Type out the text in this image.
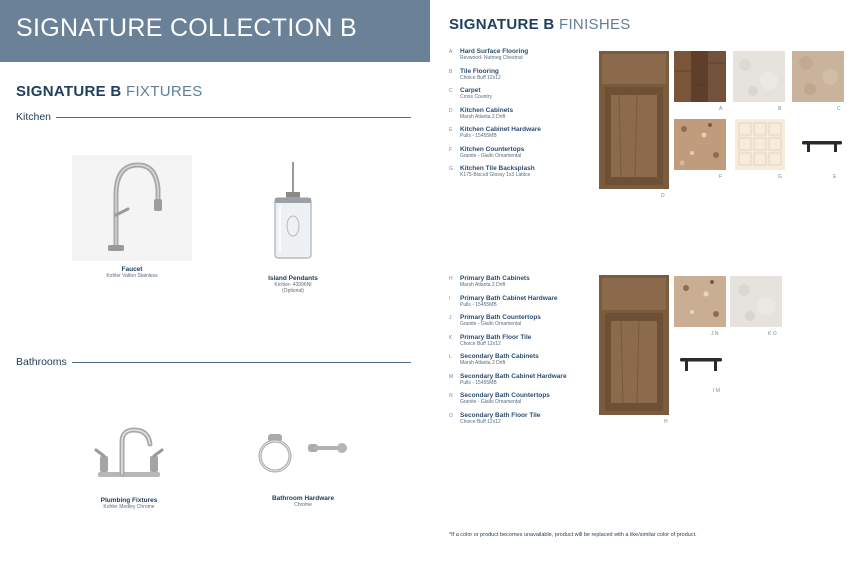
SIGNATURE COLLECTION B
SIGNATURE B FIXTURES
Kitchen
Faucet
Kohler Valton Stainless	Island Pendants
Kichler- 43996NI
(Optional)
Bathrooms
Plumbing Fixtures
Kohler Medley Chrome
Bathroom Hardware
Chrome
SIGNATURE B FINISHES
A Hard Surface Flooring
Revwood- Nutmeg Chestnut
B Tile Flooring
Choice Buff 12x12
C Carpet
Cross Country
D Kitchen Cabinets
Marsh Atlanta 2 Drift
E Kitchen Cabinet Hardware
Pulls - 15455MB
F Kitchen Countertops
Granite - Giallo Ornamental
G Kitchen Tile Backsplash
K175-Biscuit Glossy 1x3 Lattice
D
A	B	C
F	G	E
H Primary Bath Cabinets
Marsh Atlanta 2 Drift
I Primary Bath Cabinet Hardware
Pulls - 15455MB
J Primary Bath Countertops
Granite - Giallo Ornamental
K Primary Bath Floor Tile
Choice Buff 12x12
L Secondary Bath Cabinets
Marsh Atlanta 2 Drift
M Secondary Bath Cabinet Hardware
Pulls - 15455MB
N Secondary Bath Countertops
Granite - Giallo Ornamental
O Secondary Bath Floor Tile
Choice Buff 12x12	H
J N	K O
I M
*If a color or product becomes unavailable, product will be replaced with a like/similar color of product.
